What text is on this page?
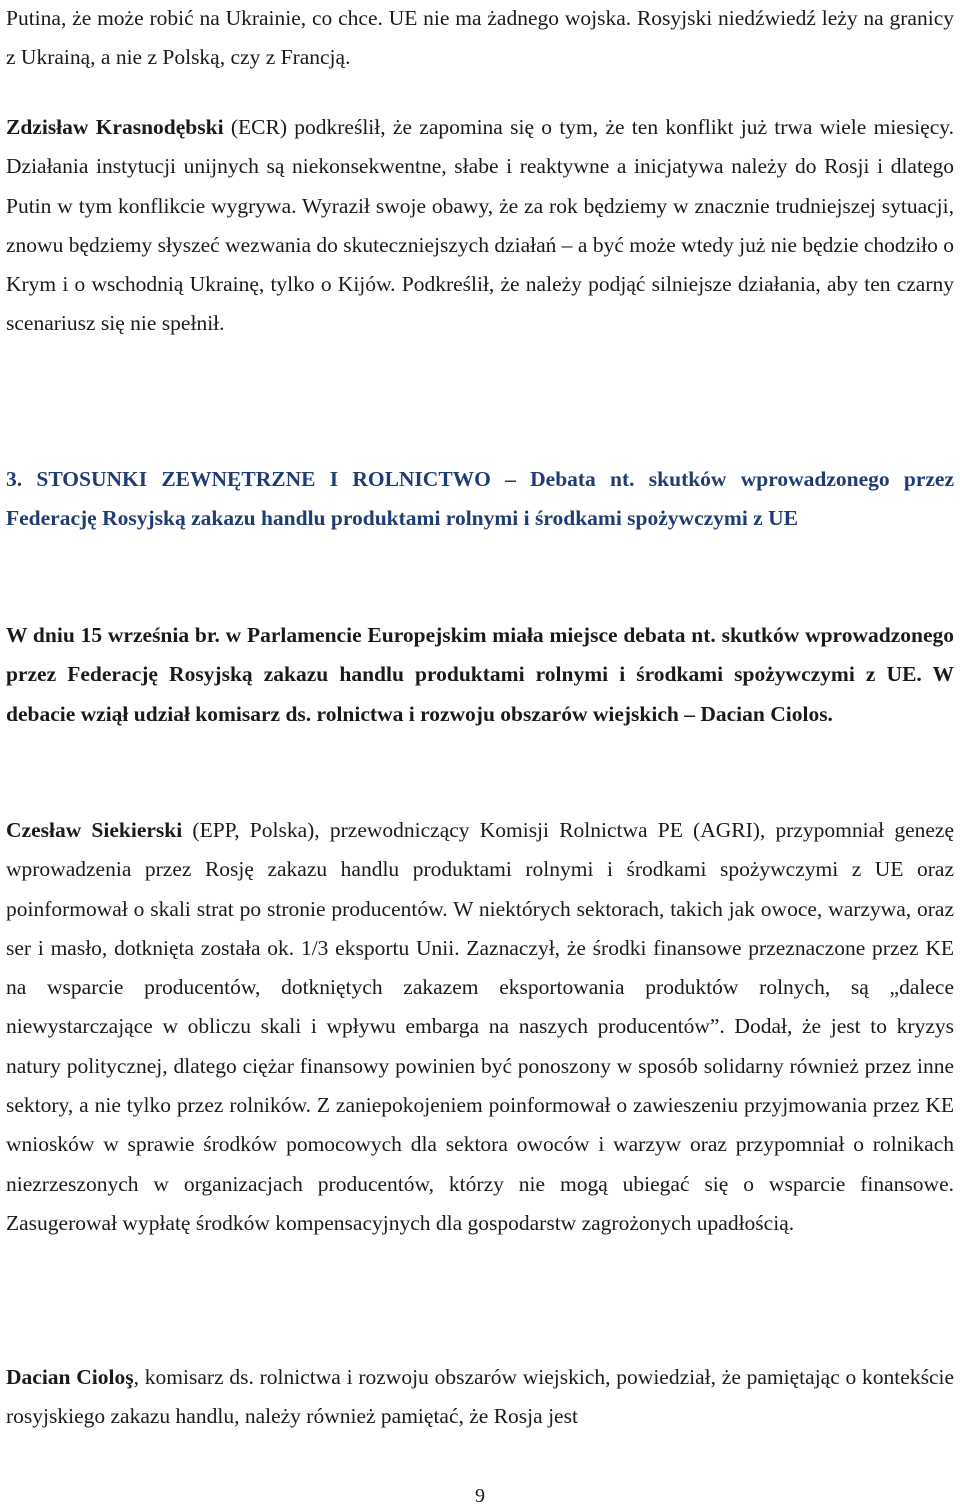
Putina, że może robić na Ukrainie, co chce. UE nie ma żadnego wojska. Rosyjski niedźwiedź leży na granicy z Ukrainą, a nie z Polską, czy z Francją.

Zdzisław Krasnodębski (ECR) podkreślił, że zapomina się o tym, że ten konflikt już trwa wiele miesięcy. Działania instytucji unijnych są niekonsekwentne, słabe i reaktywne a inicjatywa należy do Rosji i dlatego Putin w tym konflikcie wygrywa. Wyraził swoje obawy, że za rok będziemy w znacznie trudniejszej sytuacji, znowu będziemy słyszeć wezwania do skuteczniejszych działań – a być może wtedy już nie będzie chodziło o Krym i o wschodnią Ukrainę, tylko o Kijów. Podkreślił, że należy podjąć silniejsze działania, aby ten czarny scenariusz się nie spełnił.

3. STOSUNKI ZEWNĘTRZNE I ROLNICTWO – Debata nt. skutków wprowadzonego przez Federację Rosyjską zakazu handlu produktami rolnymi i środkami spożywczymi z UE

W dniu 15 września br. w Parlamencie Europejskim miała miejsce debata nt. skutków wprowadzonego przez Federację Rosyjską zakazu handlu produktami rolnymi i środkami spożywczymi z UE. W debacie wziął udział komisarz ds. rolnictwa i rozwoju obszarów wiejskich – Dacian Ciolos.

Czesław Siekierski (EPP, Polska), przewodniczący Komisji Rolnictwa PE (AGRI), przypomniał genezę wprowadzenia przez Rosję zakazu handlu produktami rolnymi i środkami spożywczymi z UE oraz poinformował o skali strat po stronie producentów. W niektórych sektorach, takich jak owoce, warzywa, oraz ser i masło, dotknięta została ok. 1/3 eksportu Unii. Zaznaczył, że środki finansowe przeznaczone przez KE na wsparcie producentów, dotkniętych zakazem eksportowania produktów rolnych, są „dalece niewystarczające w obliczu skali i wpływu embarga na naszych producentów”. Dodał, że jest to kryzys natury politycznej, dlatego ciężar finansowy powinien być ponoszony w sposób solidarny również przez inne sektory, a nie tylko przez rolników. Z zaniepokojeniem poinformował o zawieszeniu przyjmowania przez KE wniosków w sprawie środków pomocowych dla sektora owoców i warzyw oraz przypomniał o rolnikach niezrzeszonych w organizacjach producentów, którzy nie mogą ubiegać się o wsparcie finansowe. Zasugerował wypłatę środków kompensacyjnych dla gospodarstw zagrożonych upadłością.

Dacian Cioloş, komisarz ds. rolnictwa i rozwoju obszarów wiejskich, powiedział, że pamiętając o kontekście rosyjskiego zakazu handlu, należy również pamiętać, że Rosja jest

9
